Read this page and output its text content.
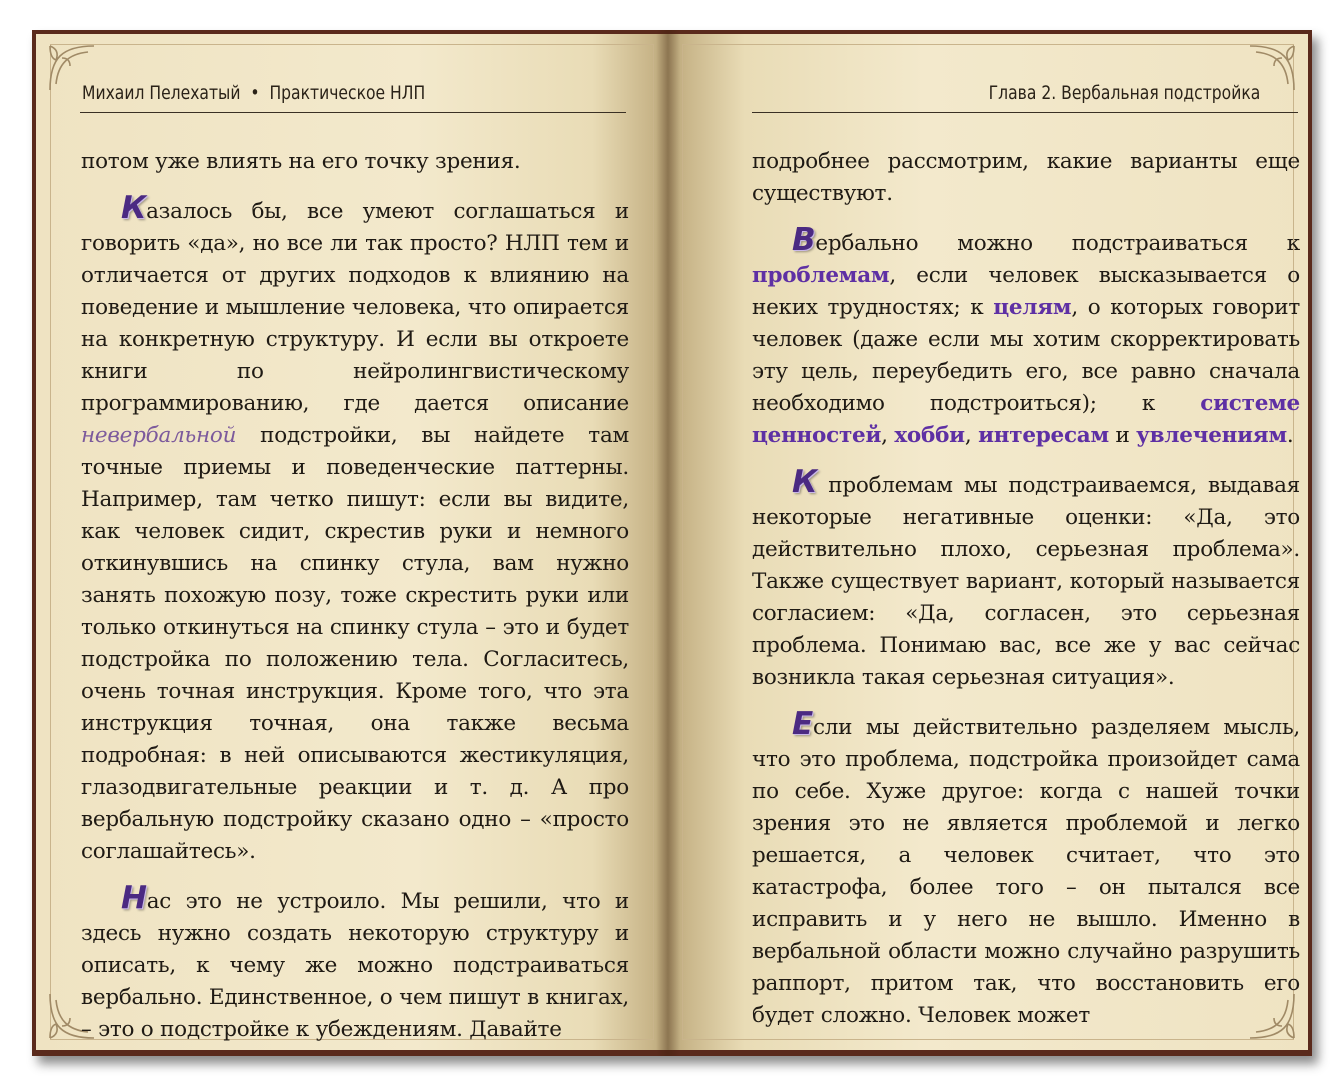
Михаил Пелехатый • Практическое НЛП

потом уже влиять на его точку зрения.

Казалось бы, все умеют соглашаться и говорить «да», но все ли так просто? НЛП тем и отличается от других подходов к влиянию на поведение и мышление человека, что опирается на конкретную структуру. И если вы откроете книги по нейролингвистическому программированию, где дается описание невербальной подстройки, вы найдете там точные приемы и поведенческие паттерны. Например, там четко пишут: если вы видите, как человек сидит, скрестив руки и немного откинувшись на спинку стула, вам нужно занять похожую позу, тоже скрестить руки или только откинуться на спинку стула – это и будет подстройка по положению тела. Согласитесь, очень точная инструкция. Кроме того, что эта инструкция точная, она также весьма подробная: в ней описываются жестикуляция, глазодвигательные реакции и т. д. А про вербальную подстройку сказано одно – «просто соглашайтесь».

Нас это не устроило. Мы решили, что и здесь нужно создать некоторую структуру и описать, к чему же можно подстраиваться вербально. Единственное, о чем пишут в книгах, – это о подстройке к убеждениям. Давайте

Глава 2. Вербальная подстройка

подробнее рассмотрим, какие варианты еще существуют.

Вербально можно подстраиваться к проблемам, если человек высказывается о неких трудностях; к целям, о которых говорит человек (даже если мы хотим скорректировать эту цель, переубедить его, все равно сначала необходимо подстроиться); к системе ценностей, хобби, интересам и увлечениям.

К проблемам мы подстраиваемся, выдавая некоторые негативные оценки: «Да, это действительно плохо, серьезная проблема». Также существует вариант, который называется согласием: «Да, согласен, это серьезная проблема. Понимаю вас, все же у вас сейчас возникла такая серьезная ситуация».

Если мы действительно разделяем мысль, что это проблема, подстройка произойдет сама по себе. Хуже другое: когда с нашей точки зрения это не является проблемой и легко решается, а человек считает, что это катастрофа, более того – он пытался все исправить и у него не вышло. Именно в вербальной области можно случайно разрушить раппорт, притом так, что восстановить его будет сложно. Человек может
